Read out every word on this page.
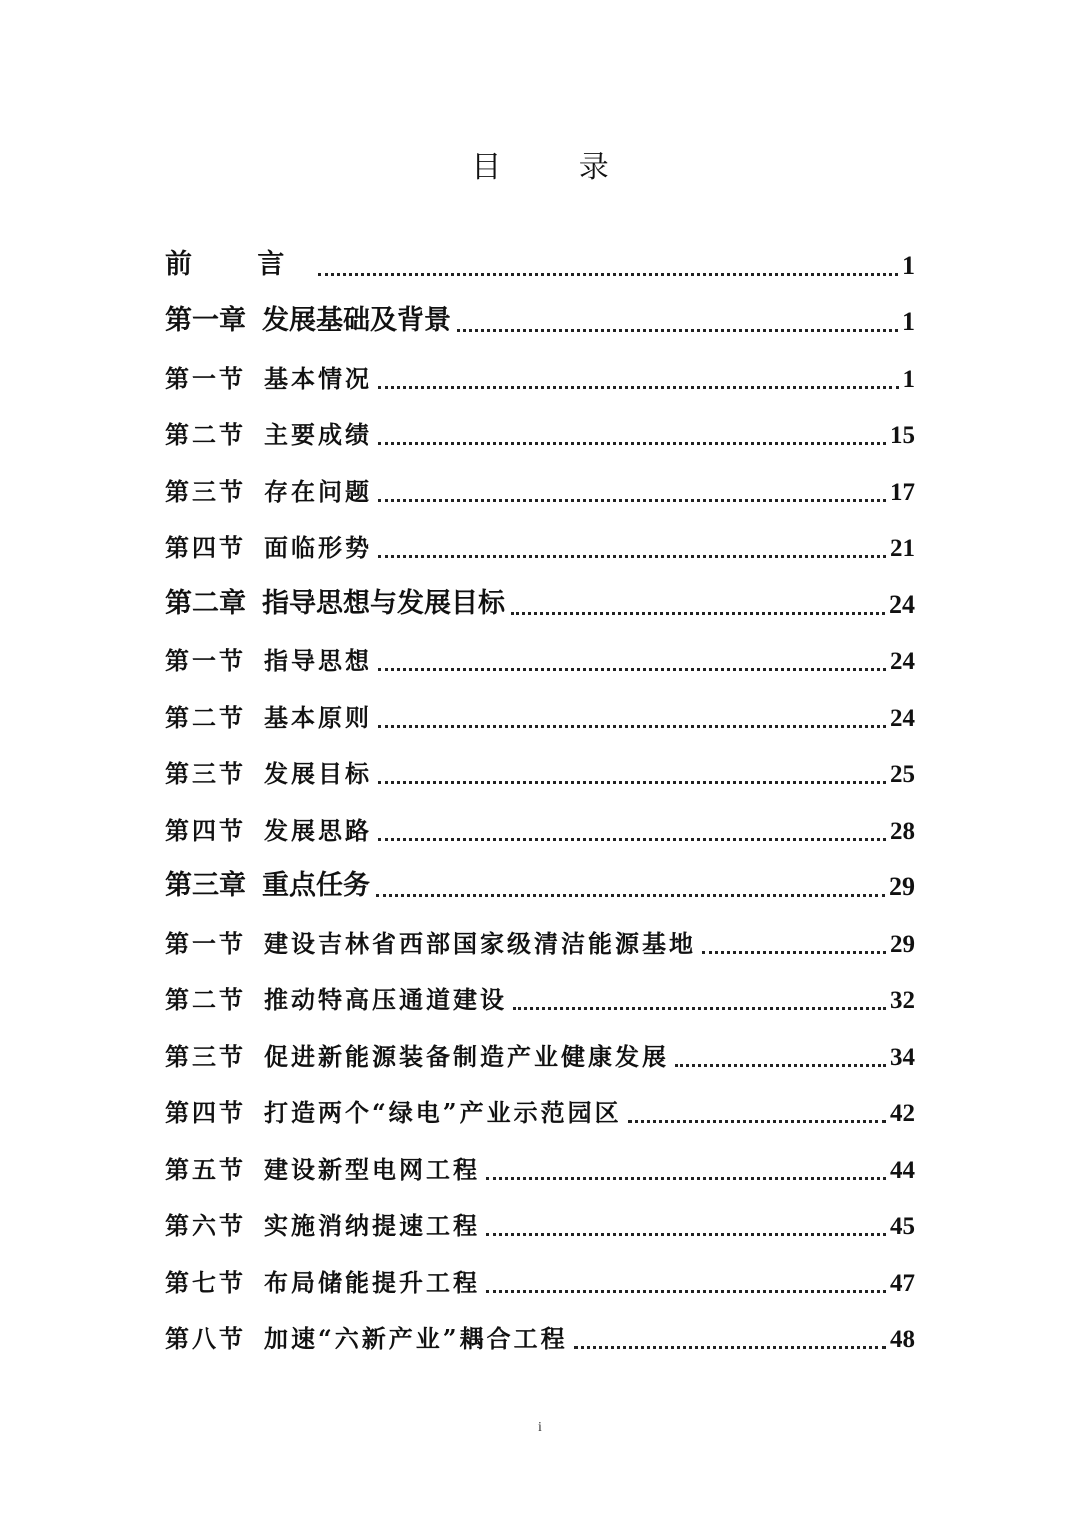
目 录
前 言	1
第一章 发展基础及背景	1
第一节 基本情况	1
第二节 主要成绩	15
第三节 存在问题	17
第四节 面临形势	21
第二章 指导思想与发展目标	24
第一节 指导思想	24
第二节 基本原则	24
第三节 发展目标	25
第四节 发展思路	28
第三章 重点任务	29
第一节 建设吉林省西部国家级清洁能源基地	29
第二节 推动特高压通道建设	32
第三节 促进新能源装备制造产业健康发展	34
第四节 打造两个“绿电”产业示范园区	42
第五节 建设新型电网工程	44
第六节 实施消纳提速工程	45
第七节 布局储能提升工程	47
第八节 加速“六新产业”耦合工程	48
i
